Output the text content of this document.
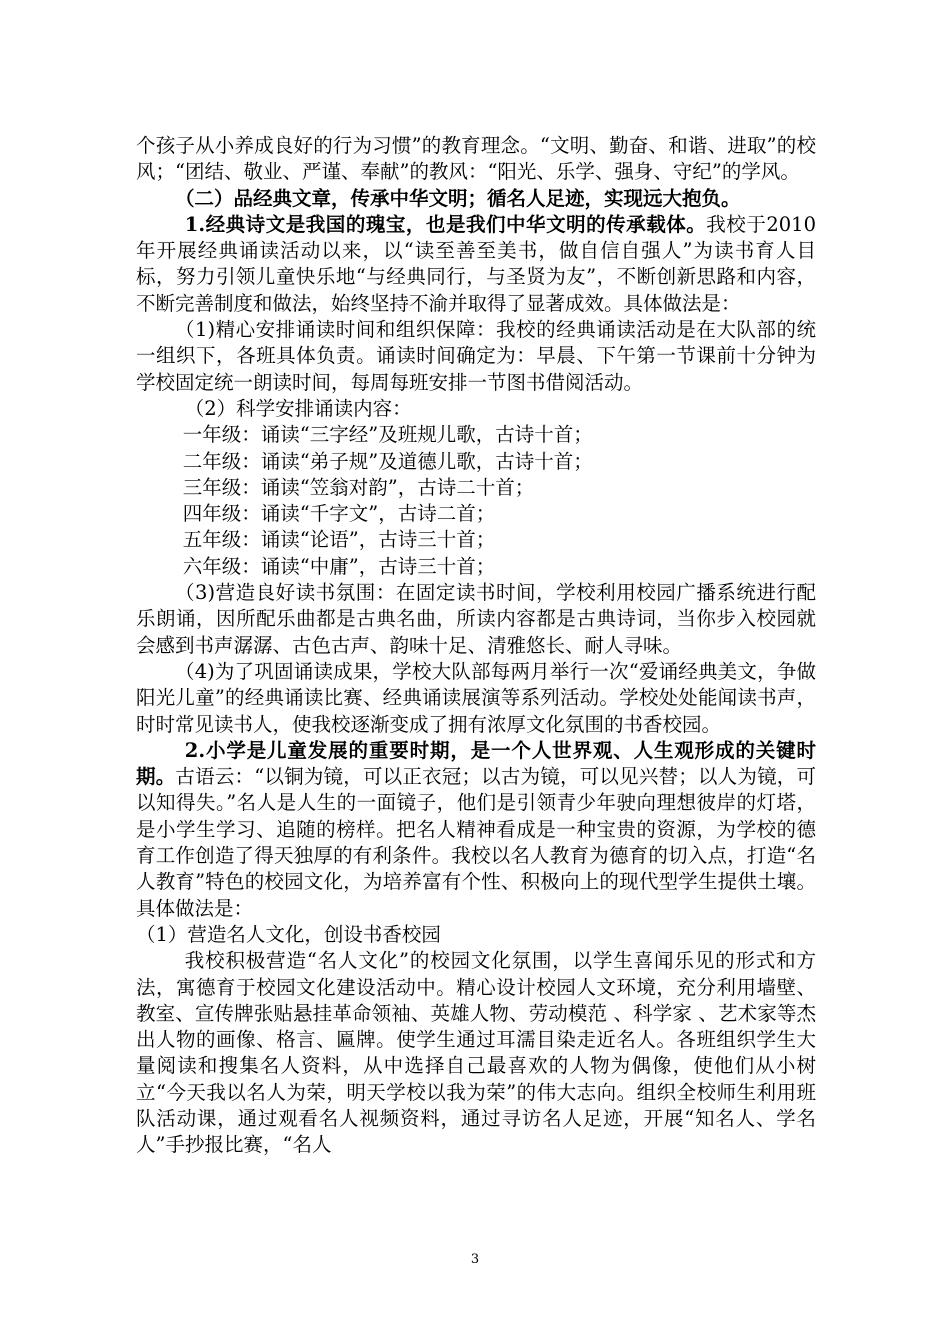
个孩子从小养成良好的行为习惯”的教育理念。“文明、勤奋、和谐、进取”的校风；“团结、敬业、严谨、奉献”的教风：“阳光、乐学、强身、守纪”的学风。

（二）品经典文章，传承中华文明；循名人足迹，实现远大抱负。

1.经典诗文是我国的瑰宝，也是我们中华文明的传承载体。我校于2010年开展经典诵读活动以来，以“读至善至美书，做自信自强人”为读书育人目标，努力引领儿童快乐地“与经典同行，与圣贤为友”，不断创新思路和内容，不断完善制度和做法，始终坚持不渝并取得了显著成效。具体做法是：

（1)精心安排诵读时间和组织保障：我校的经典诵读活动是在大队部的统一组织下，各班具体负责。诵读时间确定为：早晨、下午第一节课前十分钟为学校固定统一朗读时间，每周每班安排一节图书借阅活动。

（2）科学安排诵读内容：

一年级：诵读“三字经”及班规儿歌，古诗十首；

二年级：诵读“弟子规”及道德儿歌，古诗十首；

三年级：诵读“笠翁对韵”，古诗二十首；

四年级：诵读“千字文”，古诗二首；

五年级：诵读“论语”，古诗三十首；

六年级：诵读“中庸”，古诗三十首；

（3)营造良好读书氛围：在固定读书时间，学校利用校园广播系统进行配乐朗诵，因所配乐曲都是古典名曲，所读内容都是古典诗词，当你步入校园就会感到书声潺潺、古色古声、韵味十足、清雅悠长、耐人寻味。

（4)为了巩固诵读成果，学校大队部每两月举行一次“爱诵经典美文，争做阳光儿童”的经典诵读比赛、经典诵读展演等系列活动。学校处处能闻读书声，时时常见读书人，使我校逐渐变成了拥有浓厚文化氛围的书香校园。

2.小学是儿童发展的重要时期，是一个人世界观、人生观形成的关键时期。古语云：“以铜为镜，可以正衣冠；以古为镜，可以见兴替；以人为镜，可以知得失。”名人是人生的一面镜子，他们是引领青少年驶向理想彼岸的灯塔，是小学生学习、追随的榜样。把名人精神看成是一种宝贵的资源，为学校的德育工作创造了得天独厚的有利条件。我校以名人教育为德育的切入点，打造“名人教育”特色的校园文化，为培养富有个性、积极向上的现代型学生提供土壤。具体做法是：

（1）营造名人文化，创设书香校园

我校积极营造“名人文化”的校园文化氛围，以学生喜闻乐见的形式和方法，寓德育于校园文化建设活动中。精心设计校园人文环境，充分利用墙壁、教室、宣传牌张贴悬挂革命领袖、英雄人物、劳动模范 、科学家 、艺术家等杰出人物的画像、格言、匾牌。使学生通过耳濡目染走近名人。各班组织学生大量阅读和搜集名人资料，从中选择自己最喜欢的人物为偶像，使他们从小树立“今天我以名人为荣，明天学校以我为荣”的伟大志向。组织全校师生利用班队活动课，通过观看名人视频资料，通过寻访名人足迹，开展“知名人、学名人”手抄报比赛，“名人

3
